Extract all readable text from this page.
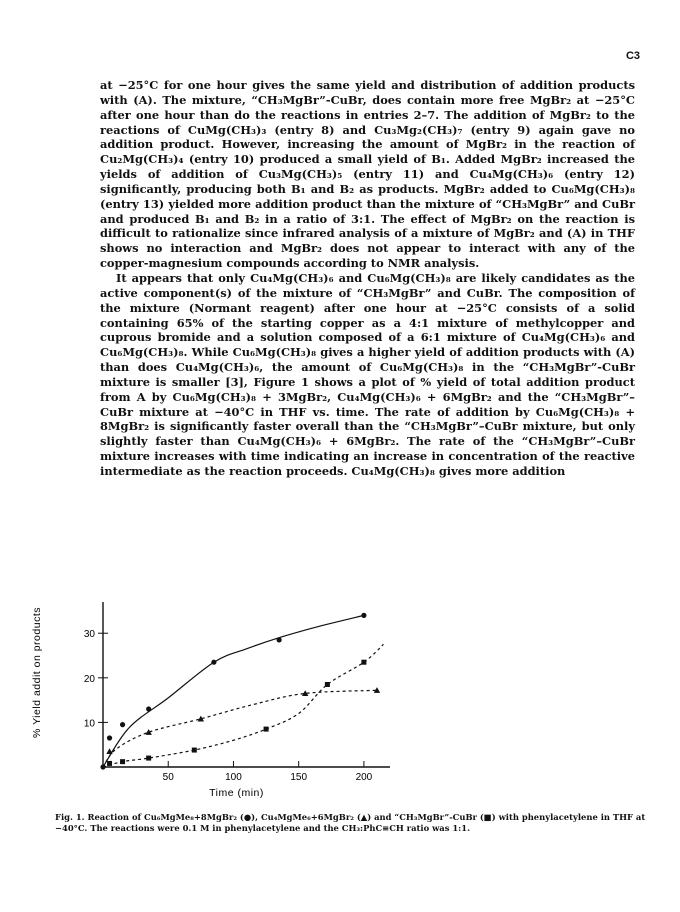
C3

at −25°C for one hour gives the same yield and distribution of addition products with (A). The mixture, “CH₃MgBr”-CuBr, does contain more free MgBr₂ at −25°C after one hour than do the reactions in entries 2–7. The addition of MgBr₂ to the reactions of CuMg(CH₃)₃ (entry 8) and Cu₃Mg₂(CH₃)₇ (entry 9) again gave no addition product. However, increasing the amount of MgBr₂ in the reaction of Cu₂Mg(CH₃)₄ (entry 10) produced a small yield of B₁. Added MgBr₂ increased the yields of addition of Cu₃Mg(CH₃)₅ (entry 11) and Cu₄Mg(CH₃)₆ (entry 12) significantly, producing both B₁ and B₂ as products. MgBr₂ added to Cu₆Mg(CH₃)₈ (entry 13) yielded more addition product than the mixture of “CH₃MgBr” and CuBr and produced B₁ and B₂ in a ratio of 3:1. The effect of MgBr₂ on the reaction is difficult to rationalize since infrared analysis of a mixture of MgBr₂ and (A) in THF shows no interaction and MgBr₂ does not appear to interact with any of the copper-magnesium compounds according to NMR analysis.

It appears that only Cu₄Mg(CH₃)₆ and Cu₆Mg(CH₃)₈ are likely candidates as the active component(s) of the mixture of “CH₃MgBr” and CuBr. The composition of the mixture (Normant reagent) after one hour at −25°C consists of a solid containing 65% of the starting copper as a 4:1 mixture of methylcopper and cuprous bromide and a solution composed of a 6:1 mixture of Cu₄Mg(CH₃)₆ and Cu₆Mg(CH₃)₈. While Cu₆Mg(CH₃)₈ gives a higher yield of addition products with (A) than does Cu₄Mg(CH₃)₆, the amount of Cu₆Mg(CH₃)₈ in the “CH₃MgBr”-CuBr mixture is smaller [3], Figure 1 shows a plot of % yield of total addition product from A by Cu₆Mg(CH₃)₈ + 3MgBr₂, Cu₄Mg(CH₃)₆ + 6MgBr₂ and the “CH₃MgBr”–CuBr mixture at −40°C in THF vs. time. The rate of addition by Cu₆Mg(CH₃)₈ + 8MgBr₂ is significantly faster overall than the “CH₃MgBr”–CuBr mixture, but only slightly faster than Cu₄Mg(CH₃)₆ + 6MgBr₂. The rate of the “CH₃MgBr”–CuBr mixture increases with time indicating an increase in concentration of the reactive intermediate as the reaction proceeds. Cu₄Mg(CH₃)₈ gives more addition

50	100	150	200
10
20
30
Time (min)
% Yield addit on products

Fig. 1. Reaction of Cu₆MgMe₈+8MgBr₂ (●), Cu₄MgMe₆+6MgBr₂ (▲) and “CH₃MgBr”-CuBr (■) with phenylacetylene in THF at −40°C. The reactions were 0.1 M in phenylacetylene and the CH₃:PhC≡CH ratio was 1:1.
